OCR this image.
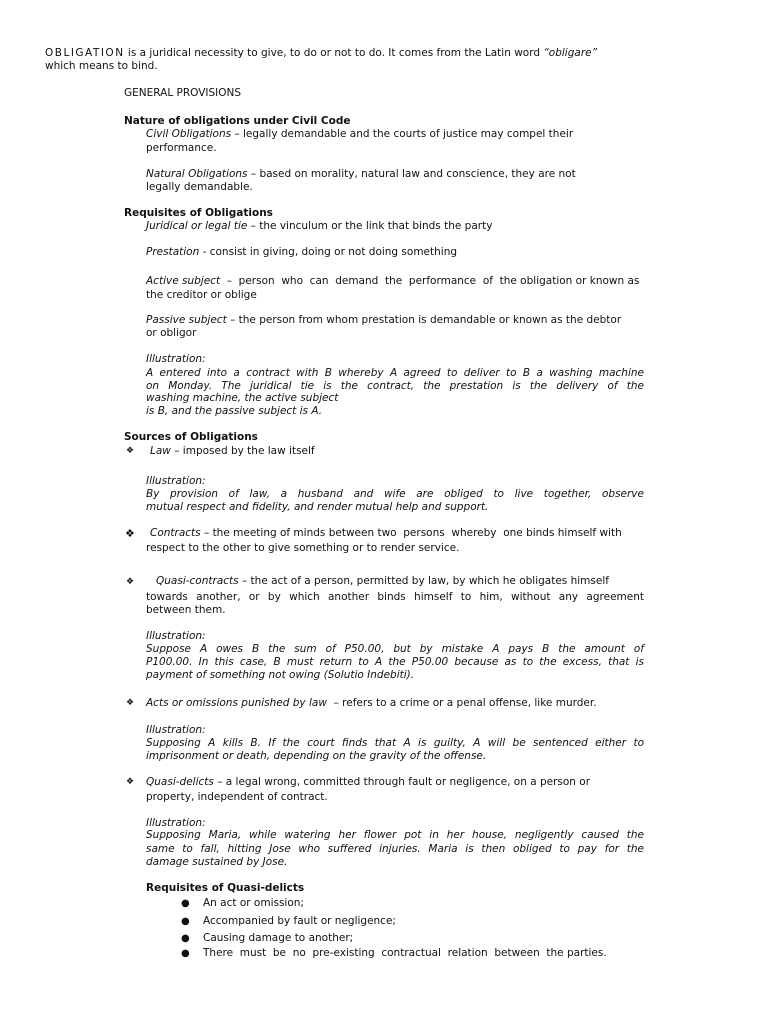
OBLIGATION is a juridical necessity to give, to do or not to do. It comes from the Latin word “obligare”
which means to bind.
GENERAL PROVISIONS
Nature of obligations under Civil Code
Civil Obligations – legally demandable and the courts of justice may compel their
performance.
Natural Obligations – based on morality, natural law and conscience, they are not
legally demandable.
Requisites of Obligations
Juridical or legal tie – the vinculum or the link that binds the party
Prestation - consist in giving, doing or not doing something
Active subject  –  person  who  can  demand  the  performance  of  the obligation or known as
the creditor or oblige
Passive subject – the person from whom prestation is demandable or known as the debtor
or obligor
Illustration:
A entered into a contract with B whereby A agreed to deliver to B a washing machine
on Monday. The juridical tie is the contract, the prestation is the delivery of the
washing machine, the active subject
is B, and the passive subject is A.
Sources of Obligations
❖ Law – imposed by the law itself
Illustration:
By provision of law, a husband and wife are obliged to live together, observe
mutual respect and fidelity, and render mutual help and support.
❖ Contracts – the meeting of minds between two  persons  whereby  one binds himself with
respect to the other to give something or to render service.
❖ Quasi-contracts – the act of a person, permitted by law, by which he obligates himself
towards another, or by which another binds himself to him, without any agreement
between them.
Illustration:
Suppose A owes B the sum of P50.00, but by mistake A pays B the amount of
P100.00. In this case, B must return to A the P50.00 because as to the excess, that is
payment of something not owing (Solutio Indebiti).
❖ Acts or omissions punished by law  – refers to a crime or a penal offense, like murder.
Illustration:
Supposing A kills B. If the court finds that A is guilty, A will be sentenced either to
imprisonment or death, depending on the gravity of the offense.
❖ Quasi-delicts – a legal wrong, committed through fault or negligence, on a person or
property, independent of contract.
Illustration:
Supposing Maria, while watering her flower pot in her house, negligently caused the
same to fall, hitting Jose who suffered injuries. Maria is then obliged to pay for the
damage sustained by Jose.
Requisites of Quasi-delicts
● An act or omission;
● Accompanied by fault or negligence;
● Causing damage to another;
● There  must  be  no  pre-existing  contractual  relation  between  the parties.
